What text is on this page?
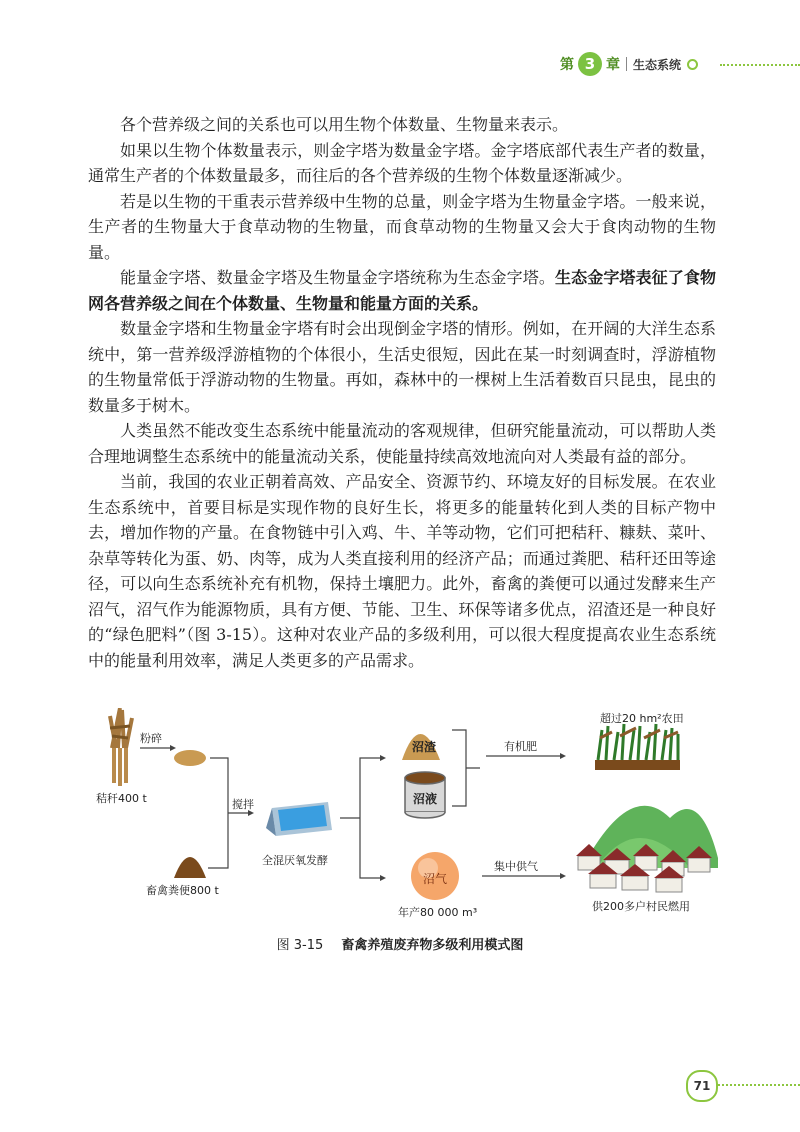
第 3 章 生态系统

各个营养级之间的关系也可以用生物个体数量、生物量来表示。

如果以生物个体数量表示，则金字塔为数量金字塔。金字塔底部代表生产者的数量，通常生产者的个体数量最多，而往后的各个营养级的生物个体数量逐渐减少。

若是以生物的干重表示营养级中生物的总量，则金字塔为生物量金字塔。一般来说，生产者的生物量大于食草动物的生物量，而食草动物的生物量又会大于食肉动物的生物量。

能量金字塔、数量金字塔及生物量金字塔统称为生态金字塔。生态金字塔表征了食物网各营养级之间在个体数量、生物量和能量方面的关系。

数量金字塔和生物量金字塔有时会出现倒金字塔的情形。例如，在开阔的大洋生态系统中，第一营养级浮游植物的个体很小，生活史很短，因此在某一时刻调查时，浮游植物的生物量常低于浮游动物的生物量。再如，森林中的一棵树上生活着数百只昆虫，昆虫的数量多于树木。

人类虽然不能改变生态系统中能量流动的客观规律，但研究能量流动，可以帮助人类合理地调整生态系统中的能量流动关系，使能量持续高效地流向对人类最有益的部分。

当前，我国的农业正朝着高效、产品安全、资源节约、环境友好的目标发展。在农业生态系统中，首要目标是实现作物的良好生长，将更多的能量转化到人类的目标产物中去，增加作物的产量。在食物链中引入鸡、牛、羊等动物，它们可把秸秆、糠麸、菜叶、杂草等转化为蛋、奶、肉等，成为人类直接利用的经济产品；而通过粪肥、秸秆还田等途径，可以向生态系统补充有机物，保持土壤肥力。此外，畜禽的粪便可以通过发酵来生产沼气，沼气作为能源物质，具有方便、节能、卫生、环保等诸多优点，沼渣还是一种良好的“绿色肥料”（图 3-15）。这种对农业产品的多级利用，可以很大程度提高农业生态系统中的能量利用效率，满足人类更多的产品需求。

粉碎
秸秆400 t	搅拌
畜禽粪便800 t
全混厌氧发酵
沼渣
沼液
有机肥
超过20 hm²农田
沼气
年产80 000 m³
集中供气
供200多户村民燃用
图 3-15 畜禽养殖废弃物多级利用模式图
71
